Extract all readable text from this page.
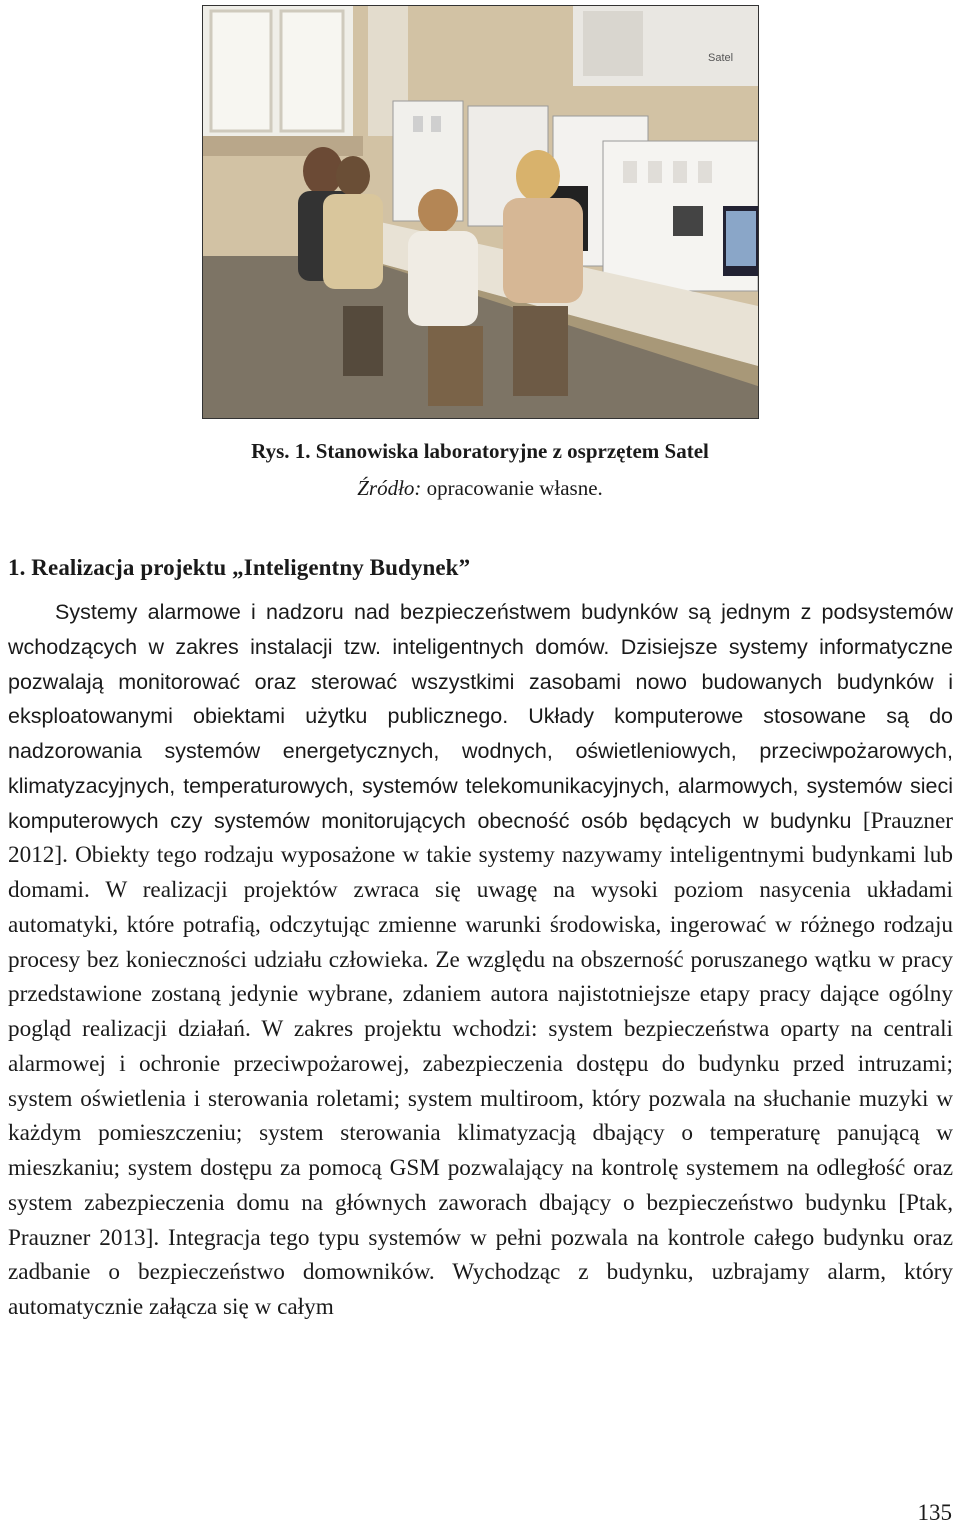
Satel
Rys. 1. Stanowiska laboratoryjne z osprzętem Satel
Źródło: opracowanie własne.
1. Realizacja projektu „Inteligentny Budynek”

Systemy alarmowe i nadzoru nad bezpieczeństwem budynków są jednym z podsystemów wchodzących w zakres instalacji tzw. inteligentnych domów. Dzisiejsze systemy informatyczne pozwalają monitorować oraz sterować wszystkimi zasobami nowo budowanych budynków i eksploatowanymi obiektami użytku publicznego. Układy komputerowe stosowane są do nadzorowania systemów energetycznych, wodnych, oświetleniowych, przeciwpożarowych, klimatyzacyjnych, temperaturowych, systemów telekomunikacyjnych, alarmowych, systemów sieci komputerowych czy systemów monitorujących obecność osób będących w budynku [Prauzner 2012]. Obiekty tego rodzaju wyposażone w takie systemy nazywamy inteligentnymi budynkami lub domami. W realizacji projektów zwraca się uwagę na wysoki poziom nasycenia układami automatyki, które potrafią, odczytując zmienne warunki środowiska, ingerować w różnego rodzaju procesy bez konieczności udziału człowieka. Ze względu na obszerność poruszanego wątku w pracy przedstawione zostaną jedynie wybrane, zdaniem autora najistotniejsze etapy pracy dające ogólny pogląd realizacji działań. W zakres projektu wchodzi: system bezpieczeństwa oparty na centrali alarmowej i ochronie przeciwpożarowej, zabezpieczenia dostępu do budynku przed intruzami; system oświetlenia i sterowania roletami; system multiroom, który pozwala na słuchanie muzyki w każdym pomieszczeniu; system sterowania klimatyzacją dbający o temperaturę panującą w mieszkaniu; system dostępu za pomocą GSM pozwalający na kontrolę systemem na odległość oraz system zabezpieczenia domu na głównych zaworach dbający o bezpieczeństwo budynku [Ptak, Prauzner 2013]. Integracja tego typu systemów w pełni pozwala na kontrole całego budynku oraz zadbanie o bezpieczeństwo domowników. Wychodząc z budynku, uzbrajamy alarm, który automatycznie załącza się w całym

135
